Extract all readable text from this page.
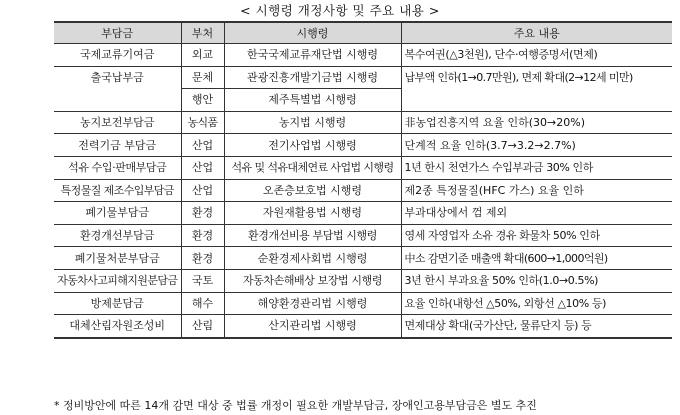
< 시행령 개정사항 및 주요 내용 >
부담금	부처	시행령	주요 내용
국제교류기여금	외교	한국국제교류재단법 시행령	복수여권(△3천원), 단수·여행증명서(면제)
출국납부금	문체	관광진흥개발기금법 시행령	납부액 인하(1→0.7만원), 면제 확대(2→12세 미만)
	행안	제주특별법 시행령	
농지보전부담금	농식품	농지법 시행령	非농업진흥지역 요율 인하(30→20%)
전력기금 부담금	산업	전기사업법 시행령	단계적 요율 인하(3.7→3.2→2.7%)
석유 수입·판매부담금	산업	석유 및 석유대체연료 사업법 시행령	1년 한시 천연가스 수입부과금 30% 인하
특정물질 제조수입부담금	산업	오존층보호법 시행령	제2종 특정물질(HFC 가스) 요율 인하
폐기물부담금	환경	자원재활용법 시행령	부과대상에서 껌 제외
환경개선부담금	환경	환경개선비용 부담법 시행령	영세 자영업자 소유 경유 화물차 50% 인하
폐기물처분부담금	환경	순환경제사회법 시행령	中소 감면기준 매출액 확대(600→1,000억원)
자동차사고피해지원분담금	국토	자동차손해배상 보장법 시행령	3년 한시 부과요율 50% 인하(1.0→0.5%)
방제분담금	해수	해양환경관리법 시행령	요율 인하(내항선 △50%, 외항선 △10% 등)
대체산림자원조성비	산림	산지관리법 시행령	면제대상 확대(국가산단, 물류단지 등) 등
* 정비방안에 따른 14개 감면 대상 중 법률 개정이 필요한 개발부담금, 장애인고용부담금은 별도 추진
